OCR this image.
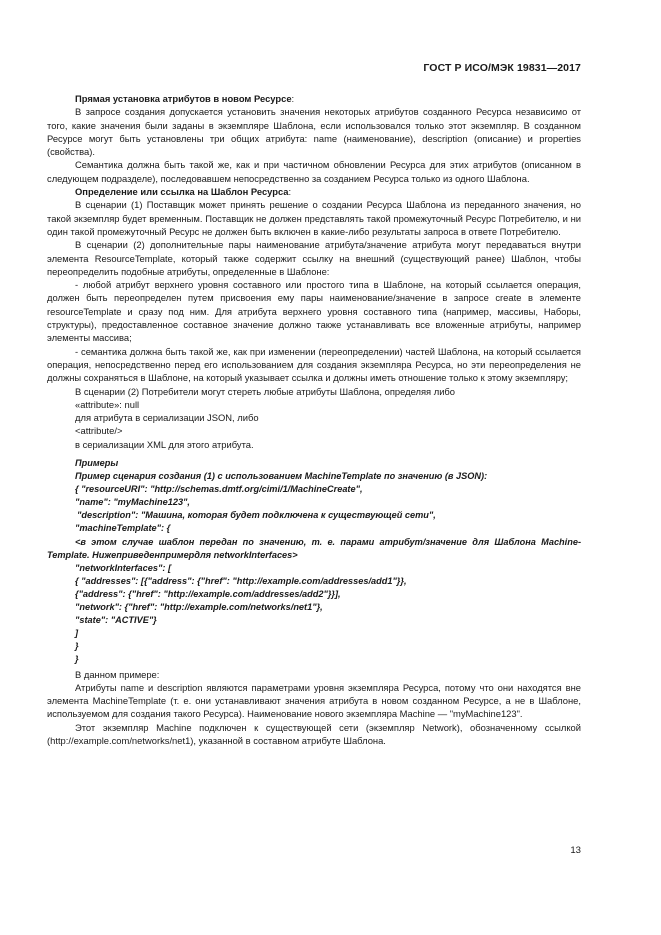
ГОСТ Р ИСО/МЭК 19831—2017

Прямая установка атрибутов в новом Ресурсе:

В запросе создания допускается установить значения некоторых атрибутов созданного Ресурса независимо от того, какие значения были заданы в экземпляре Шаблона, если использовался только этот экземпляр. В созданном Ресурсе могут быть установлены три общих атрибута: name (наименование), description (описание) и properties (свойства).

Семантика должна быть такой же, как и при частичном обновлении Ресурса для этих атрибутов (описанном в следующем подразделе), последовавшем непосредственно за созданием Ресурса только из одного Шаблона.

Определение или ссылка на Шаблон Ресурса:

В сценарии (1) Поставщик может принять решение о создании Ресурса Шаблона из переданного значения, но такой экземпляр будет временным. Поставщик не должен представлять такой промежуточный Ресурс Потребителю, и ни один такой промежуточный Ресурс не должен быть включен в какие-либо результаты запроса в ответе Потребителю.

В сценарии (2) дополнительные пары наименование атрибута/значение атрибута могут передаваться внутри элемента ResourceTemplate, который также содержит ссылку на внешний (существующий ранее) Шаблон, чтобы переопределить подобные атрибуты, определенные в Шаблоне:

- любой атрибут верхнего уровня составного или простого типа в Шаблоне, на который ссылается операция, должен быть переопределен путем присвоения ему пары наименование/значение в запросе create в элементе resourceTemplate и сразу под ним. Для атрибута верхнего уровня составного типа (например, массивы, Наборы, структуры), предоставленное составное значение должно также устанавливать все вложенные атрибуты, например элементы массива;

- семантика должна быть такой же, как при изменении (переопределении) частей Шаблона, на который ссылается операция, непосредственно перед его использованием для создания экземпляра Ресурса, но эти переопределения не должны сохраняться в Шаблоне, на который указывает ссылка и должны иметь отношение только к этому экземпляру;

В сценарии (2) Потребители могут стереть любые атрибуты Шаблона, определяя либо

«attribute»: null

для атрибута в сериализации JSON, либо

<attribute/>

в сериализации XML для этого атрибута.

Примеры

Пример сценария создания (1) с использованием MachineTemplate по значению (в JSON):

{ "resourceURI": "http://schemas.dmtf.org/cimi/1/MachineCreate",

"name": "myMachine123",

"description": "Машина, которая будет подключена к существующей сети",

"machineTemplate": {

<в этом случае шаблон передан по значению, т. е. парами атрибут/значение для Шаблона Machine-Template. Нижеприведенпримердля networkInterfaces>

"networkInterfaces": [

{ "addresses": [{"address": {"href": "http://example.com/addresses/add1"}},

{"address": {"href": "http://example.com/addresses/add2"}}],

"network": {"href": "http://example.com/networks/net1"},

"state": "ACTIVE"}

]

}

}

В данном примере:

Атрибуты name и description являются параметрами уровня экземпляра Ресурса, потому что они находятся вне элемента MachineTemplate (т. е. они устанавливают значения атрибута в новом созданном Ресурсе, а не в Шаблоне, используемом для создания такого Ресурса). Наименование нового экземпляра Machine — "myMachine123".

Этот экземпляр Machine подключен к существующей сети (экземпляр Network), обозначенному ссылкой (http://example.com/networks/net1), указанной в составном атрибуте Шаблона.

13
